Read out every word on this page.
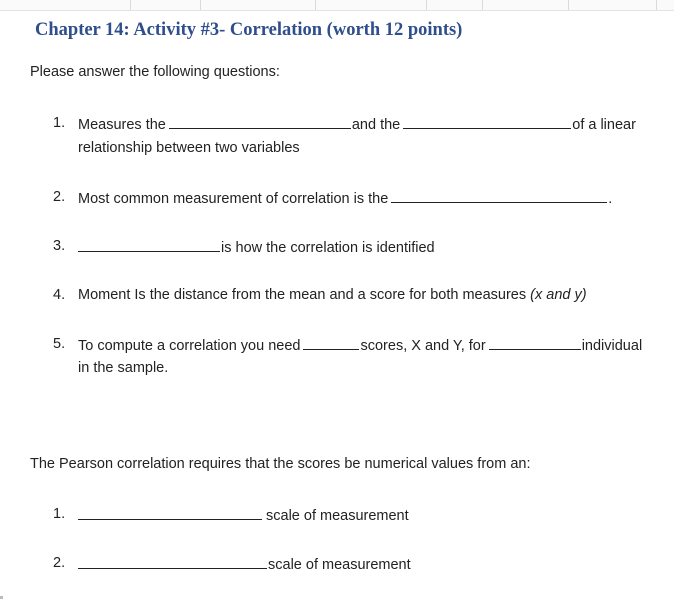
Chapter 14: Activity #3- Correlation (worth 12 points)
Please answer the following questions:
1. Measures the	and the	of a linear
relationship between two variables
2. Most common measurement of correlation is the	.
3.	is how the correlation is identified
4. Moment Is the distance from the mean and a score for both measures (x and y)
5. To compute a correlation you need	scores, X and Y, for	individual
in the sample.
The Pearson correlation requires that the scores be numerical values from an:
1.	scale of measurement
2.	scale of measurement
